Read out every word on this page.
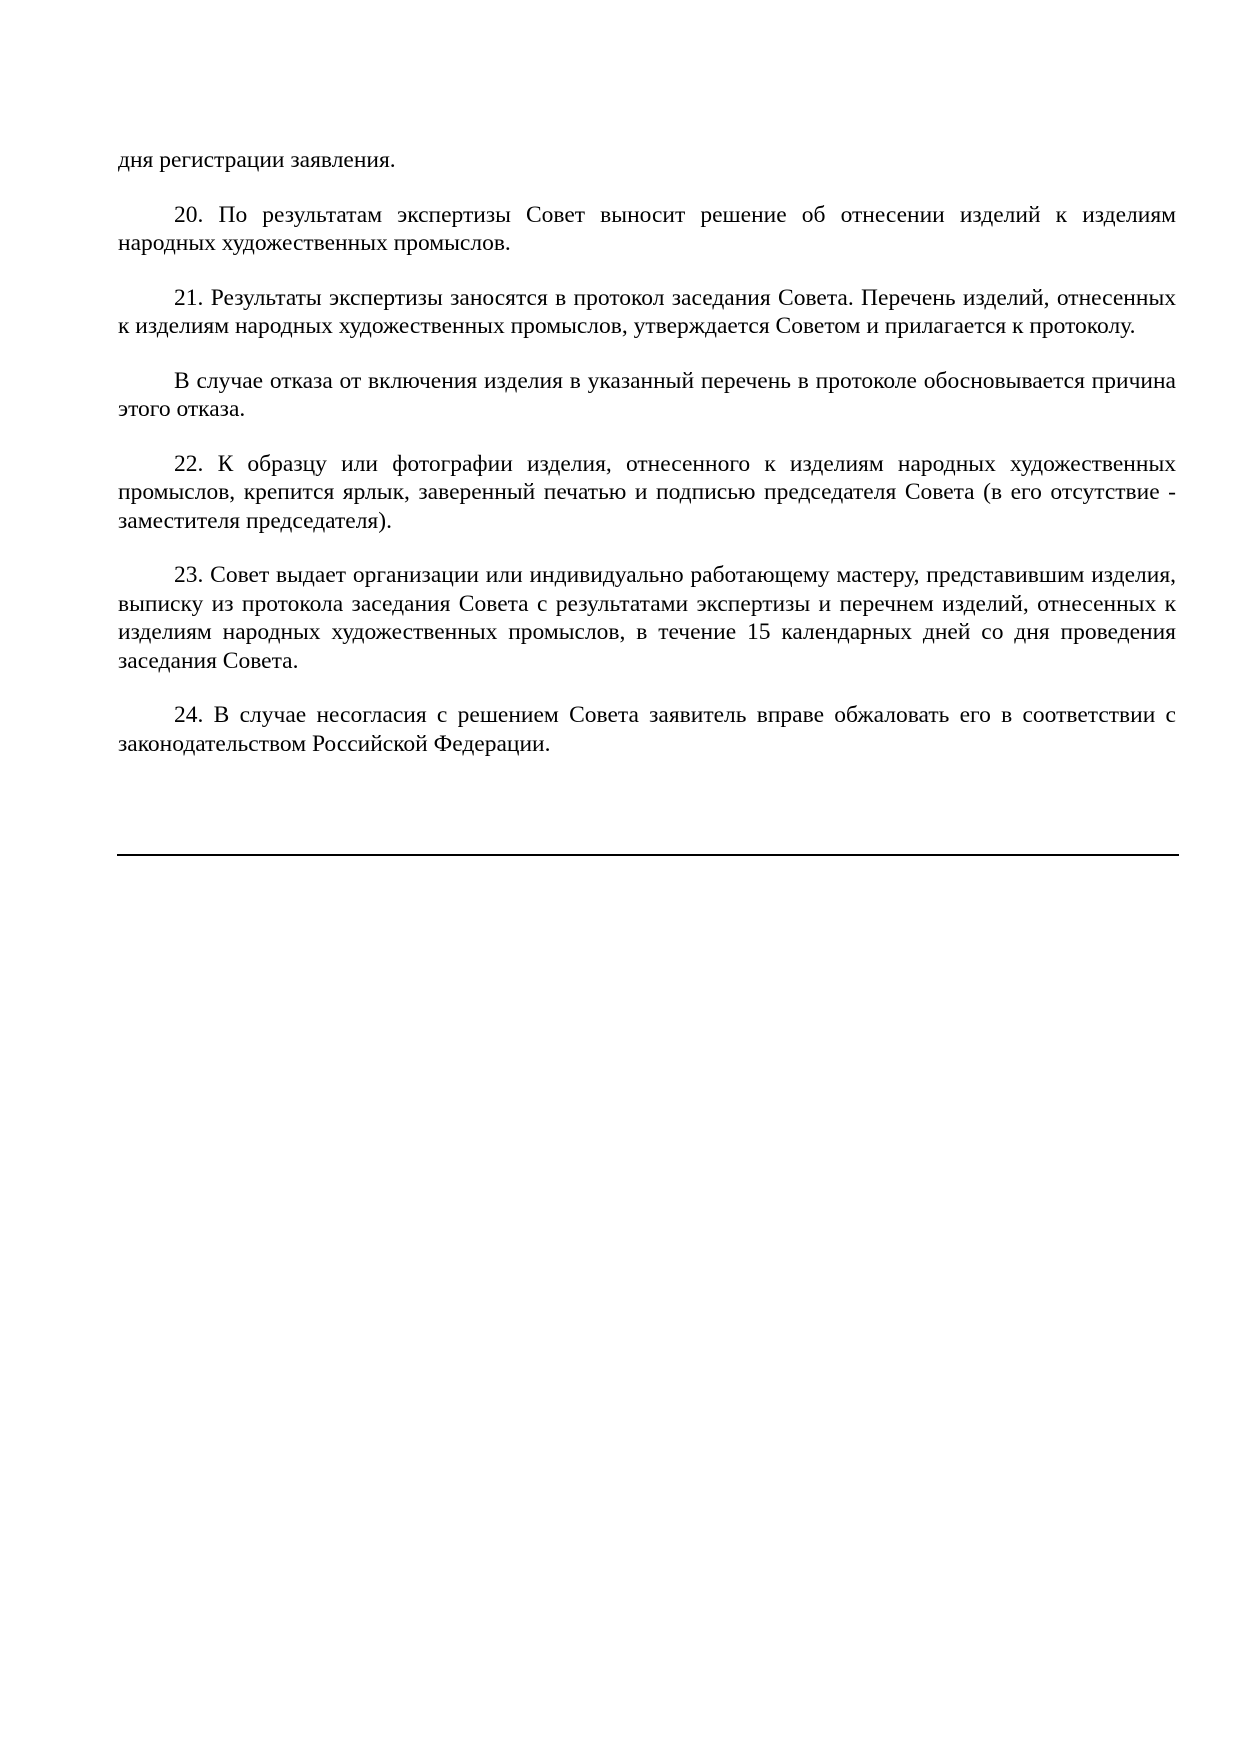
дня регистрации заявления.

20. По результатам экспертизы Совет выносит решение об отнесении изделий к изделиям народных художественных промыслов.

21. Результаты экспертизы заносятся в протокол заседания Совета. Перечень изделий, отнесенных к изделиям народных художественных промыслов, утверждается Советом и прилагается к протоколу.

В случае отказа от включения изделия в указанный перечень в протоколе обосновывается причина этого отказа.

22. К образцу или фотографии изделия, отнесенного к изделиям народных художественных промыслов, крепится ярлык, заверенный печатью и подписью председателя Совета (в его отсутствие - заместителя председателя).

23. Совет выдает организации или индивидуально работающему мастеру, представившим изделия, выписку из протокола заседания Совета с результатами экспертизы и перечнем изделий, отнесенных к изделиям народных художественных промыслов, в течение 15 календарных дней со дня проведения заседания Совета.

24. В случае несогласия с решением Совета заявитель вправе обжаловать его в соответствии с законодательством Российской Федерации.
